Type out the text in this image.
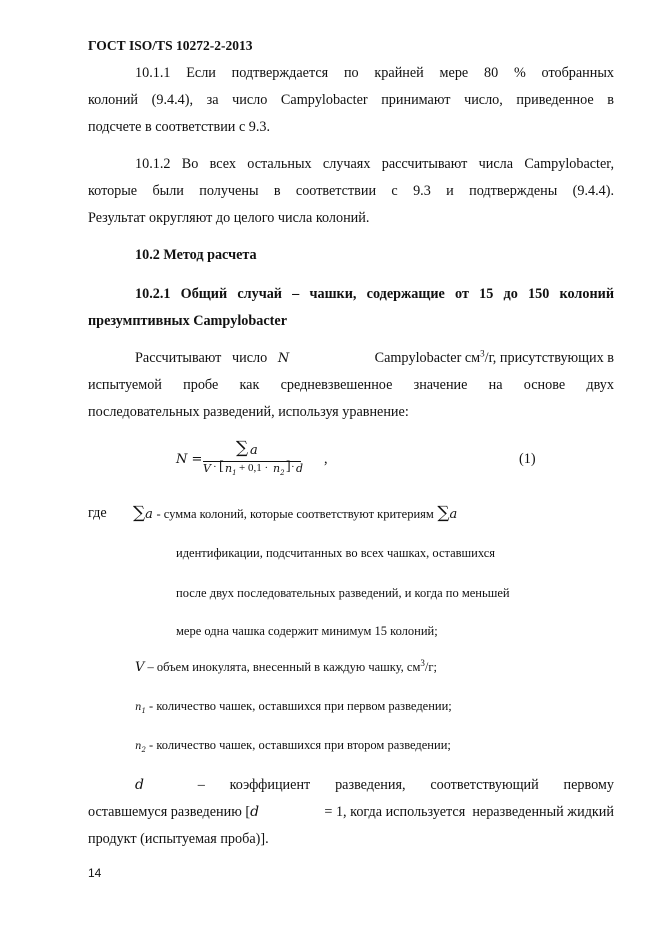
ГОСТ ISO/TS 10272-2-2013
10.1.1 Если подтверждается по крайней мере 80 % отобранных
колоний (9.4.4), за число Campylobacter принимают число, приведенное в
подсчете в соответствии с 9.3.
10.1.2 Во всех остальных случаях рассчитывают числа Campylobacter,
которые были получены в соответствии с 9.3 и подтверждены (9.4.4).
Результат округляют до целого числа колоний.
10.2 Метод расчета
10.2.1 Общий случай – чашки, содержащие от 15 до 150 колоний
презумптивных Campylobacter
Рассчитывают   число   N	Campylobacter $см^3/г$, присутствующих в
испытуемой пробе как средневзвешенное значение на основе двух
последовательных разведений, используя уравнение:
N =
∑ a
V · [ $n_1 + 0,1 \cdot n_2$ ] · d
,	(1)
где ∑a - сумма колоний, которые соответствуют критериям ∑a
идентификации, подсчитанных во всех чашках, оставшихся
после двух последовательных разведений, и когда по меньшей
мере одна чашка содержит минимум 15 колоний;
V – объем инокулята, внесенный в каждую чашку, $см^3/г$;
$n_1$ - количество чашек, оставшихся при первом разведении;
$n_2$ - количество чашек, оставшихся при втором разведении;
d	–       коэффициент       разведения,       соответствующий       первому
оставшемуся разведению [d	= 1, когда используется  неразведенный жидкий
продукт (испытуемая проба)].
14
